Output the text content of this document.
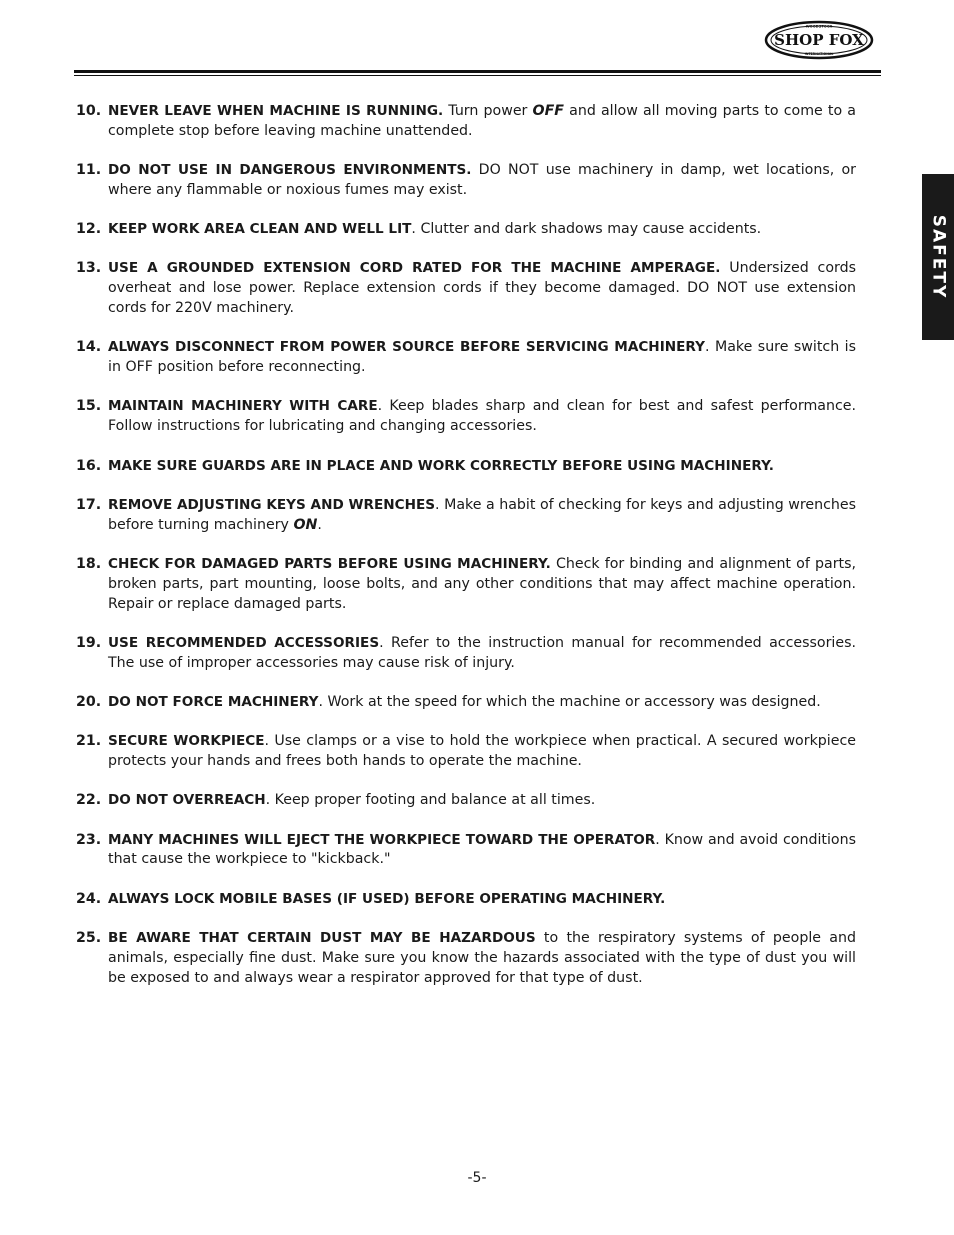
WOODSTOCK
SHOP FOX
INTERNATIONAL
SAFETY
10. NEVER LEAVE WHEN MACHINE IS RUNNING. Turn power OFF and allow all moving parts to come to a complete stop before leaving machine unattended.
11. DO NOT USE IN DANGEROUS ENVIRONMENTS. DO NOT use machinery in damp, wet locations, or where any flammable or noxious fumes may exist.
12. KEEP WORK AREA CLEAN AND WELL LIT. Clutter and dark shadows may cause accidents.
13. USE A GROUNDED EXTENSION CORD RATED FOR THE MACHINE AMPERAGE. Undersized cords overheat and lose power. Replace extension cords if they become damaged. DO NOT use extension cords for 220V machinery.
14. ALWAYS DISCONNECT FROM POWER SOURCE BEFORE SERVICING MACHINERY. Make sure switch is in OFF position before reconnecting.
15. MAINTAIN MACHINERY WITH CARE. Keep blades sharp and clean for best and safest performance. Follow instructions for lubricating and changing accessories.
16. MAKE SURE GUARDS ARE IN PLACE AND WORK CORRECTLY BEFORE USING MACHINERY.
17. REMOVE ADJUSTING KEYS AND WRENCHES. Make a habit of checking for keys and adjusting wrenches before turning machinery ON.
18. CHECK FOR DAMAGED PARTS BEFORE USING MACHINERY. Check for binding and alignment of parts, broken parts, part mounting, loose bolts, and any other conditions that may affect machine operation. Repair or replace damaged parts.
19. USE RECOMMENDED ACCESSORIES. Refer to the instruction manual for recommended accessories. The use of improper accessories may cause risk of injury.
20. DO NOT FORCE MACHINERY. Work at the speed for which the machine or accessory was designed.
21. SECURE WORKPIECE. Use clamps or a vise to hold the workpiece when practical. A secured workpiece protects your hands and frees both hands to operate the machine.
22. DO NOT OVERREACH. Keep proper footing and balance at all times.
23. MANY MACHINES WILL EJECT THE WORKPIECE TOWARD THE OPERATOR. Know and avoid conditions that cause the workpiece to "kickback."
24. ALWAYS LOCK MOBILE BASES (IF USED) BEFORE OPERATING MACHINERY.
25. BE AWARE THAT CERTAIN DUST MAY BE HAZARDOUS to the respiratory systems of people and animals, especially fine dust. Make sure you know the hazards associated with the type of dust you will be exposed to and always wear a respirator approved for that type of dust.
-5-
